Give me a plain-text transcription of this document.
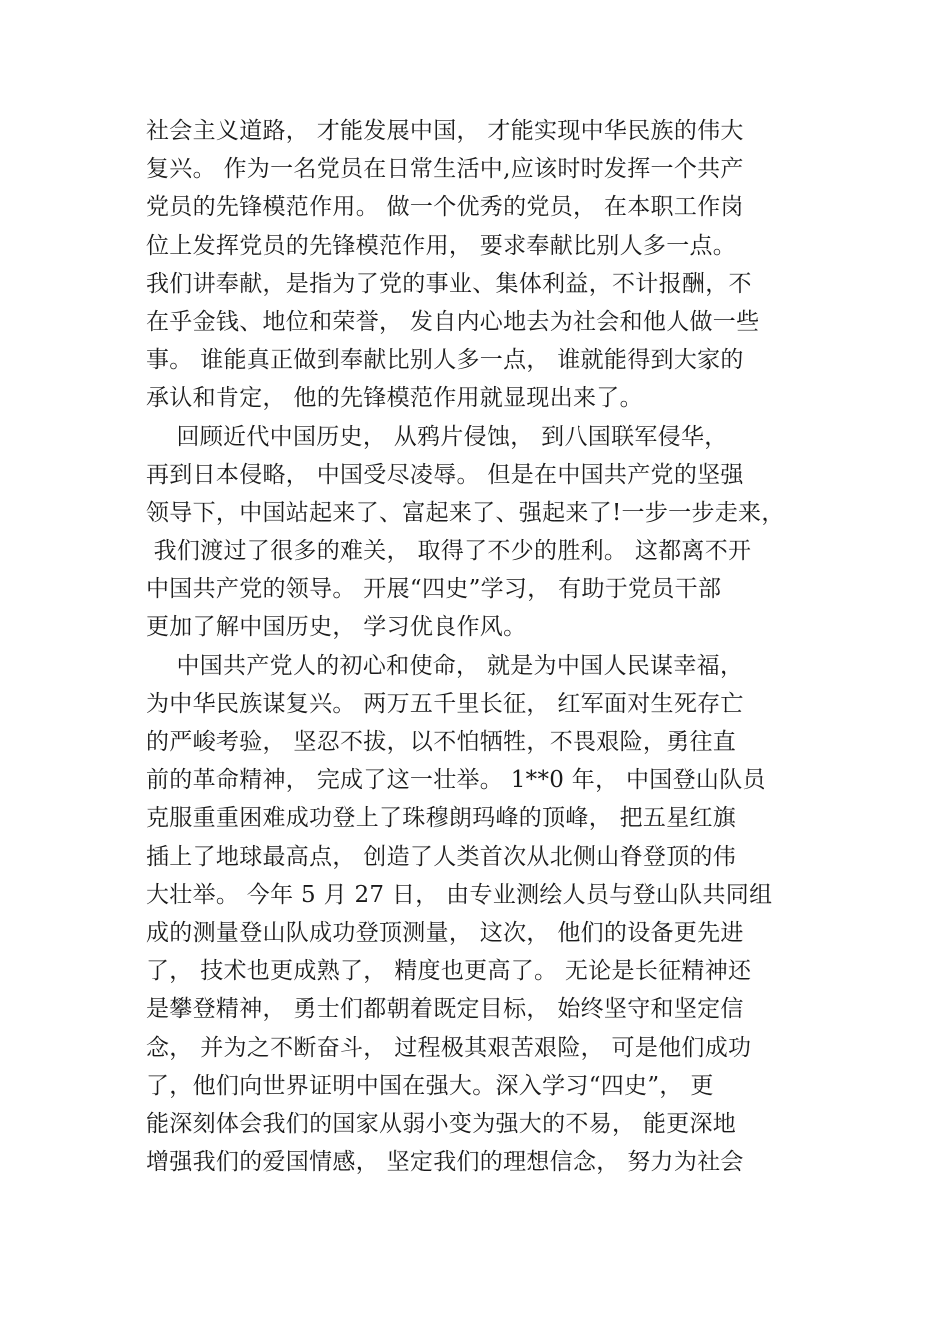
社会主义道路， 才能发展中国， 才能实现中华民族的伟大
复兴。 作为一名党员在日常生活中,应该时时发挥一个共产
党员的先锋模范作用。 做一个优秀的党员， 在本职工作岗
位上发挥党员的先锋模范作用， 要求奉献比别人多一点。
我们讲奉献，是指为了党的事业、集体利益，不计报酬，不
在乎金钱、地位和荣誉， 发自内心地去为社会和他人做一些
事。 谁能真正做到奉献比别人多一点， 谁就能得到大家的
承认和肯定， 他的先锋模范作用就显现出来了。
回顾近代中国历史， 从鸦片侵蚀， 到八国联军侵华，
再到日本侵略， 中国受尽凌辱。 但是在中国共产党的坚强
领导下，中国站起来了、富起来了、强起来了!一步一步走来，
我们渡过了很多的难关， 取得了不少的胜利。 这都离不开
中国共产党的领导。 开展“四史”学习， 有助于党员干部
更加了解中国历史， 学习优良作风。
中国共产党人的初心和使命， 就是为中国人民谋幸福，
为中华民族谋复兴。 两万五千里长征， 红军面对生死存亡
的严峻考验， 坚忍不拔，以不怕牺牲，不畏艰险，勇往直
前的革命精神， 完成了这一壮举。 1**0 年， 中国登山队员
克服重重困难成功登上了珠穆朗玛峰的顶峰， 把五星红旗
插上了地球最高点， 创造了人类首次从北侧山脊登顶的伟
大壮举。 今年 5 月 27 日， 由专业测绘人员与登山队共同组
成的测量登山队成功登顶测量， 这次， 他们的设备更先进
了， 技术也更成熟了， 精度也更高了。 无论是长征精神还
是攀登精神， 勇士们都朝着既定目标， 始终坚守和坚定信
念， 并为之不断奋斗， 过程极其艰苦艰险， 可是他们成功
了，他们向世界证明中国在强大。深入学习“四史”， 更
能深刻体会我们的国家从弱小变为强大的不易， 能更深地
增强我们的爱国情感， 坚定我们的理想信念， 努力为社会
